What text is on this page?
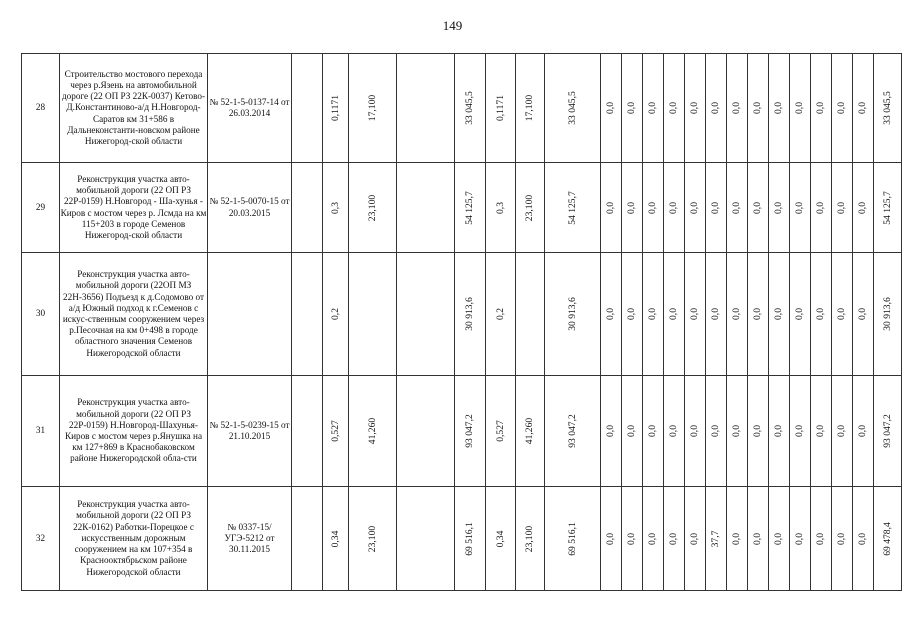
149
28	Строительство мостового перехода через р.Язень на автомобильной дороге (22 ОП РЗ 22К-0037) Кетово-Д.Константиново-а/д Н.Новгород-Саратов км 31+586 в Дальнеконстанти-новском районе Нижегород-ской области	№ 52-1-5-0137-14 от 26.03.2014		0,1171	17,100		33 045,5	0,1171	17,100	33 045,5	0,0	0,0	0,0	0,0	0,0	0,0	0,0	0,0	0,0	0,0	0,0	0,0	0,0	33 045,5

29	Реконструкция участка авто-мобильной дороги (22 ОП РЗ 22Р-0159) Н.Новгород - Ша-хунья - Киров с мостом через р. Лсмда на км 115+203 в городе Семенов Нижегород-ской области	№ 52-1-5-0070-15 от 20.03.2015		0,3	23,100		54 125,7	0,3	23,100	54 125,7	0,0	0,0	0,0	0,0	0,0	0,0	0,0	0,0	0,0	0,0	0,0	0,0	0,0	54 125,7

30	Реконструкция участка авто-мобильной дороги (22ОП МЗ 22Н-3656) Подъезд к д.Содомово от а/д Южный подход к г.Семенов с искус-ственным сооружением через р.Песочная на км 0+498 в городе областного значения Семенов Нижегородской области			0,2			30 913,6	0,2		30 913,6	0,0	0,0	0,0	0,0	0,0	0,0	0,0	0,0	0,0	0,0	0,0	0,0	0,0	30 913,6

31	Реконструкция участка авто-мобильной дороги (22 ОП РЗ 22Р-0159) Н.Новгород-Шахунья-Киров с мостом через р.Янушка на км 127+869 в Краснобаковском районе Нижегородской обла-сти	№ 52-1-5-0239-15 от 21.10.2015		0,527	41,260		93 047,2	0,527	41,260	93 047,2	0,0	0,0	0,0	0,0	0,0	0,0	0,0	0,0	0,0	0,0	0,0	0,0	0,0	93 047,2

32	Реконструкция участка авто-мобильной дороги (22 ОП РЗ 22К-0162) Работки-Порецкое с искусственным дорожным сооружением на км 107+354 в Краснооктябрьском районе Нижегородской области	№ 0337-15/УГЭ-5212 от 30.11.2015		0,34	23,100		69 516,1	0,34	23,100	69 516,1	0,0	0,0	0,0	0,0	0,0	37,7	0,0	0,0	0,0	0,0	0,0	0,0	0,0	69 478,4
